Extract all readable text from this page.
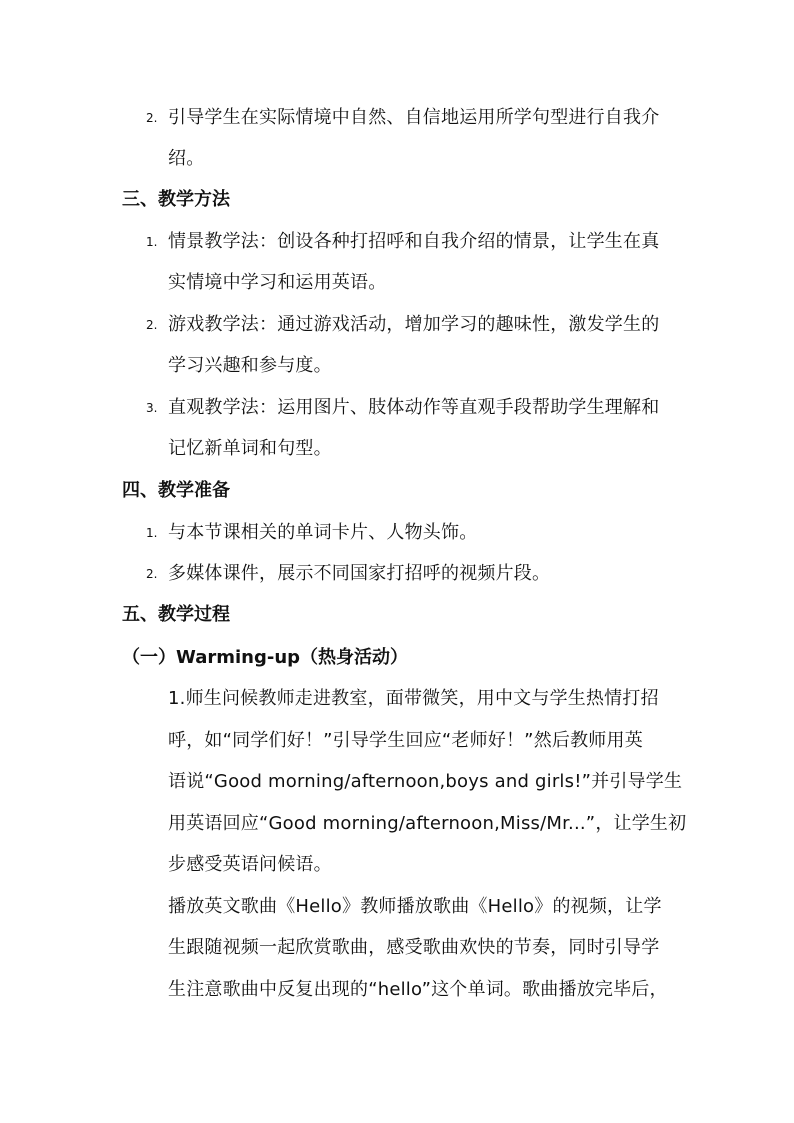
2. 引导学生在实际情境中自然、自信地运用所学句型进行自我介
绍。
三、教学方法
1. 情景教学法：创设各种打招呼和自我介绍的情景，让学生在真
实情境中学习和运用英语。
2. 游戏教学法：通过游戏活动，增加学习的趣味性，激发学生的
学习兴趣和参与度。
3. 直观教学法：运用图片、肢体动作等直观手段帮助学生理解和
记忆新单词和句型。
四、教学准备
1. 与本节课相关的单词卡片、人物头饰。
2. 多媒体课件，展示不同国家打招呼的视频片段。
五、教学过程
（一）Warming-up（热身活动）
1.师生问候教师走进教室，面带微笑，用中文与学生热情打招
呼，如“同学们好！”引导学生回应“老师好！”然后教师用英
语说“Good morning/afternoon,boys and girls!”并引导学生
用英语回应“Good morning/afternoon,Miss/Mr...”，让学生初
步感受英语问候语。
播放英文歌曲《Hello》教师播放歌曲《Hello》的视频，让学
生跟随视频一起欣赏歌曲，感受歌曲欢快的节奏，同时引导学
生注意歌曲中反复出现的“hello”这个单词。歌曲播放完毕后，
